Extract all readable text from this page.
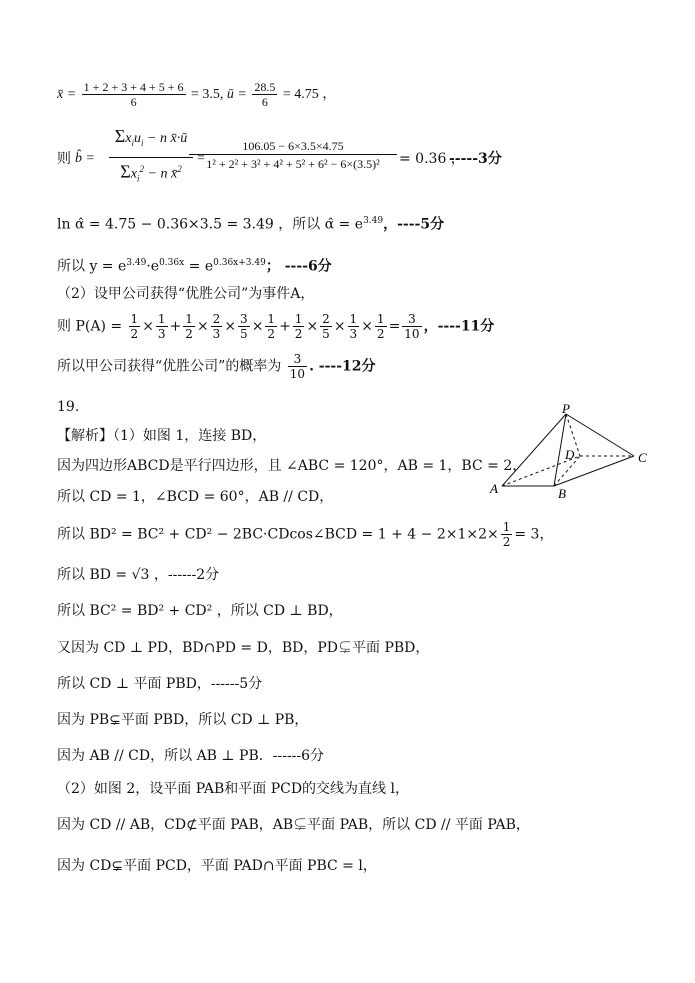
x̄ = $\frac{1 + 2 + 3 + 4 + 5 + 6}{6} = 3.5$, ū = $\frac{28.5}{6} = 4.75$ ，
则 b̂ =
$\Sigma x_iu_i - n$ x̄·ū
$\Sigma x_i^2 - n$ x̄$^2$
=
$\frac{106.05 - 6\times 3.5\times 4.75}{\text{1² + 2² + 3² + 4² + 5² + 6² − 6×(3.5)²}} = 0.36$ ，
-----3分
ln α̂ = 4.75 − 0.36×3.5 = 3.49 ，所以 α̂ = $e^{3.49}$，----5分
所以 $y = e^{3.49}\cdot e^{0.36x} = e^{0.36x+3.49}$； ----6分
（2）设甲公司获得“优胜公司”为事件A，
则 $P(A) = \frac{1}{2} \times \frac{1}{3} + \frac{1}{2} \times \frac{2}{3} \times \frac{3}{5} \times \frac{1}{2} + \frac{1}{2} \times \frac{2}{5} \times \frac{1}{3} \times \frac{1}{2} = \frac{3}{10}$ ，----11分
所以甲公司获得“优胜公司”的概率为 $\frac{3}{10}$ . ----12分
19.	P
D	C
A	B
【解析】（1）如图 1，连接 BD，
因为四边形ABCD是平行四边形，且 ∠ABC = 120°，AB = 1，BC = 2，
所以 CD = 1，∠BCD = 60°，AB // CD，
所以 BD² = BC² + CD² − 2BC·CDcos∠BCD = $1 + 4 - 2\times 1\times 2\times \frac{1}{2} = 3$，
所以 BD = √3 ，------2分
所以 BC² = BD² + CD² ，所以 CD ⊥ BD，
又因为 CD ⊥ PD，BD∩PD = D，BD，PD⊊平面 PBD，
所以 CD ⊥ 平面 PBD，------5分
因为 PB⊊平面 PBD，所以 CD ⊥ PB，
因为 AB // CD，所以 AB ⊥ PB．------6分
（2）如图 2，设平面 PAB和平面 PCD的交线为直线 l，
因为 CD // AB，CD⊄平面 PAB，AB⊊平面 PAB，所以 CD // 平面 PAB，
因为 CD⊊平面 PCD，平面 PAD∩平面 PBC = l，
